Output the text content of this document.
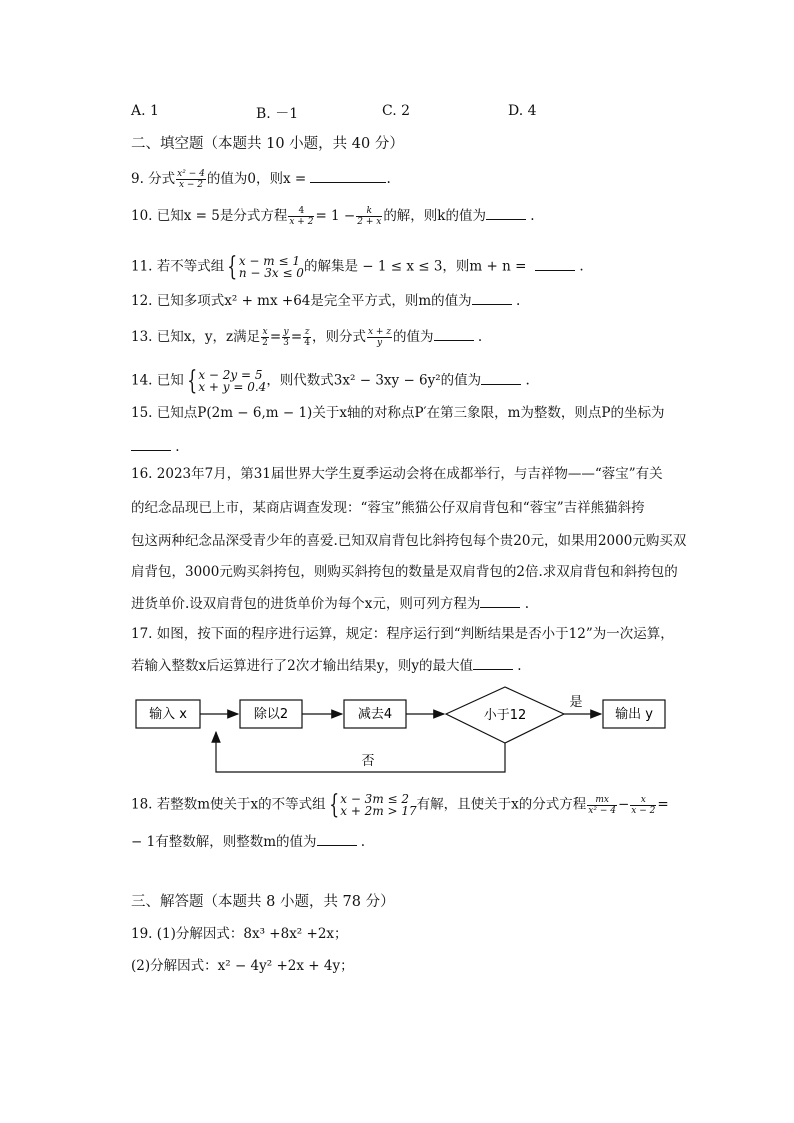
A. 1	B. －1	C. 2	D. 4
二、填空题（本题共 10 小题，共 40 分）
9. 分式 $\frac{\text{x² − 4}}{x - 2}$ 的值为0，则x =	.
10. 已知x = 5是分式方程 $\frac{4}{x + 2} = 1 - \frac{k}{2 + x}$ 的解，则k的值为	.
11. 若不等式组 { x − m ≤ 1
n − 3x ≤ 0 的解集是 − 1 ≤ x ≤ 3，则m + n =	.
12. 已知多项式x² + mx +64是完全平方式，则m的值为	.
13. 已知x，y，z满足 $\frac{x}{2} = \frac{y}{3} = \frac{z}{4}$ ，则分式 $\frac{x + z}{y}$ 的值为	.
14. 已知 { x − 2y = 5
x + y = 0.4 ，则代数式3x² − 3xy − 6y²的值为	.
15. 已知点P(2m − 6,m − 1)关于x轴的对称点P′在第三象限，m为整数，则点P的坐标为
.
16. 2023年7月，第31届世界大学生夏季运动会将在成都举行，与吉祥物——“蓉宝”有关
的纪念品现已上市，某商店调查发现：“蓉宝”熊猫公仔双肩背包和“蓉宝”吉祥熊猫斜挎
包这两种纪念品深受青少年的喜爱.已知双肩背包比斜挎包每个贵20元，如果用2000元购买双
肩背包，3000元购买斜挎包，则购买斜挎包的数量是双肩背包的2倍.求双肩背包和斜挎包的
进货单价.设双肩背包的进货单价为每个x元，则可列方程为	.
17. 如图，按下面的程序进行运算，规定：程序运行到“判断结果是否小于12”为一次运算，
若输入整数x后运算进行了2次才输出结果y，则y的最大值	.
输入 x	除以2	减去4	小于12
是
输出 y
否
18. 若整数m使关于x的不等式组 { x − 3m ≤ 2
x + 2m > 17 有解，且使关于x的分式方程 $\frac{mx}{\text{x² − 4}} - \frac{x}{x - 2}$ =
− 1有整数解，则整数m的值为	.
三、解答题（本题共 8 小题，共 78 分）
19. (1)分解因式：8x³ +8x² +2x；
(2)分解因式：x² − 4y² +2x + 4y；
